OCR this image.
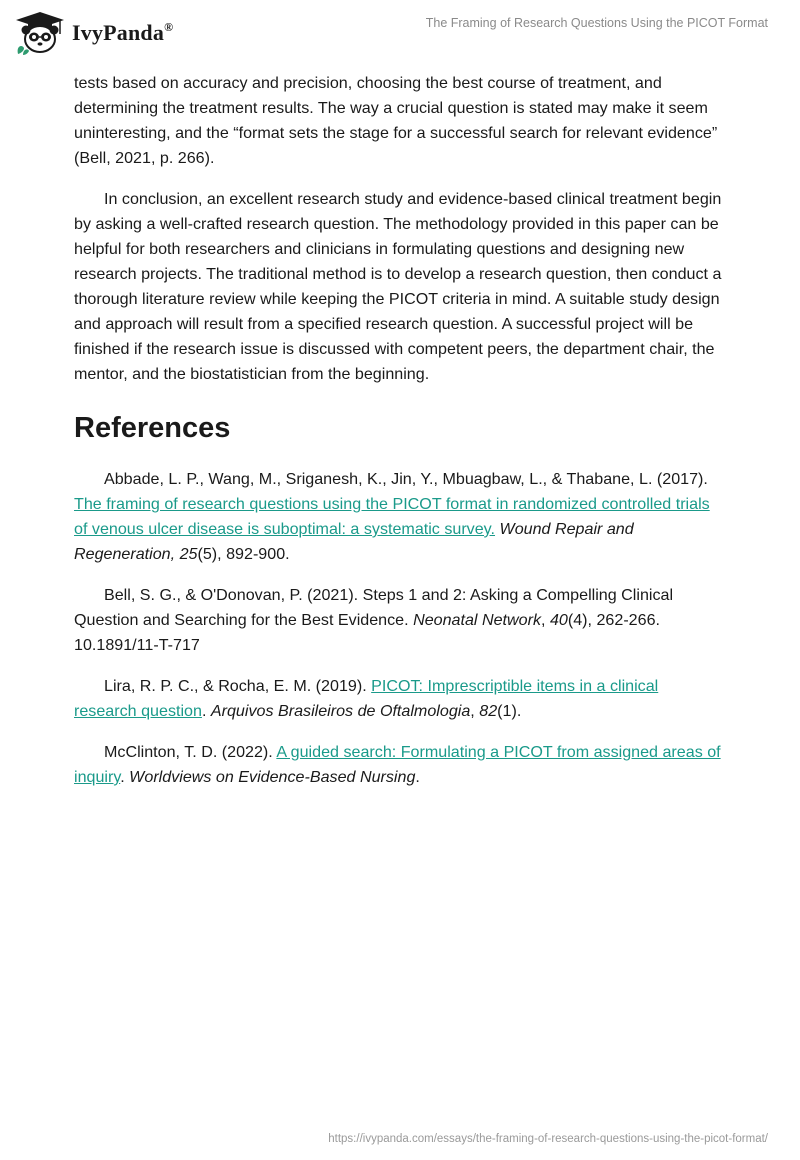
IvyPanda®	The Framing of Research Questions Using the PICOT Format

tests based on accuracy and precision, choosing the best course of treatment, and determining the treatment results. The way a crucial question is stated may make it seem uninteresting, and the “format sets the stage for a successful search for relevant evidence” (Bell, 2021, p. 266).

In conclusion, an excellent research study and evidence-based clinical treatment begin by asking a well-crafted research question. The methodology provided in this paper can be helpful for both researchers and clinicians in formulating questions and designing new research projects. The traditional method is to develop a research question, then conduct a thorough literature review while keeping the PICOT criteria in mind. A suitable study design and approach will result from a specified research question. A successful project will be finished if the research issue is discussed with competent peers, the department chair, the mentor, and the biostatistician from the beginning.

References

Abbade, L. P., Wang, M., Sriganesh, K., Jin, Y., Mbuagbaw, L., & Thabane, L. (2017). The framing of research questions using the PICOT format in randomized controlled trials of venous ulcer disease is suboptimal: a systematic survey. Wound Repair and Regeneration, 25(5), 892-900.

Bell, S. G., & O'Donovan, P. (2021). Steps 1 and 2: Asking a Compelling Clinical Question and Searching for the Best Evidence. Neonatal Network, 40(4), 262-266. 10.1891/11-T-717

Lira, R. P. C., & Rocha, E. M. (2019). PICOT: Imprescriptible items in a clinical research question. Arquivos Brasileiros de Oftalmologia, 82(1).

McClinton, T. D. (2022). A guided search: Formulating a PICOT from assigned areas of inquiry. Worldviews on Evidence-Based Nursing.

https://ivypanda.com/essays/the-framing-of-research-questions-using-the-picot-format/
